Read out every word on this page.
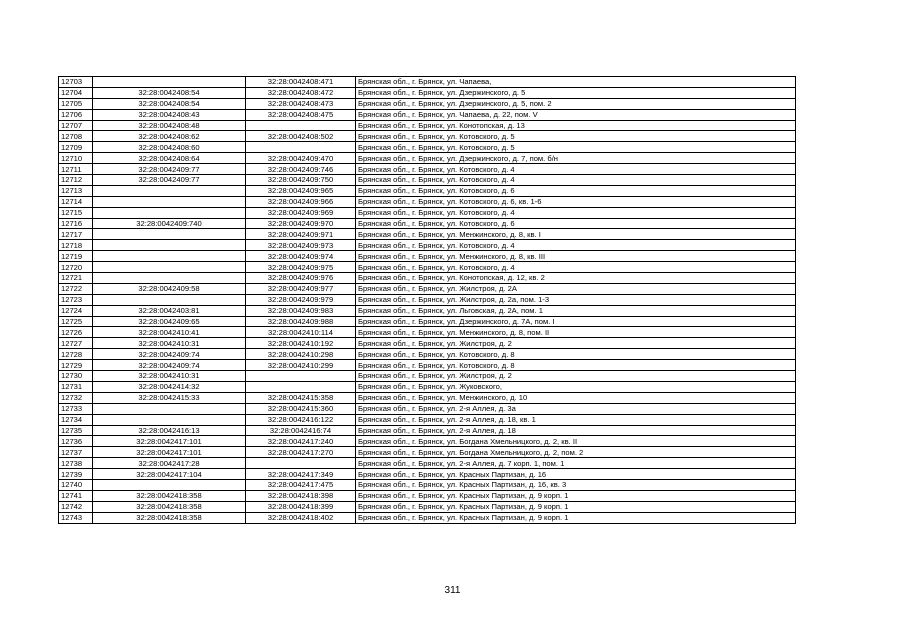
12703		32:28:0042408:471	Брянская обл., г. Брянск, ул. Чапаева,
12704	32:28:0042408:54	32:28:0042408:472	Брянская обл., г. Брянск, ул. Дзержинского, д. 5
12705	32:28:0042408:54	32:28:0042408:473	Брянская обл., г. Брянск, ул. Дзержинского, д. 5, пом. 2
12706	32:28:0042408:43	32:28:0042408:475	Брянская обл., г. Брянск, ул. Чапаева, д. 22, пом. V
12707	32:28:0042408:48		Брянская обл., г. Брянск, ул. Конотопская, д. 13
12708	32:28:0042408:62	32:28:0042408:502	Брянская обл., г. Брянск, ул. Котовского, д. 5
12709	32:28:0042408:60		Брянская обл., г. Брянск, ул. Котовского, д. 5
12710	32:28:0042408:64	32:28:0042409:470	Брянская обл., г. Брянск, ул. Дзержинского, д. 7, пом. б/н
12711	32:28:0042409:77	32:28:0042409:746	Брянская обл., г. Брянск, ул. Котовского, д. 4
12712	32:28:0042409:77	32:28:0042409:750	Брянская обл., г. Брянск, ул. Котовского, д. 4
12713		32:28:0042409:965	Брянская обл., г. Брянск, ул. Котовского, д. 6
12714		32:28:0042409:966	Брянская обл., г. Брянск, ул. Котовского, д. 6, кв. 1-6
12715		32:28:0042409:969	Брянская обл., г. Брянск, ул. Котовского, д. 4
12716	32:28:0042409:740	32:28:0042409:970	Брянская обл., г. Брянск, ул. Котовского, д. 6
12717		32:28:0042409:971	Брянская обл., г. Брянск, ул. Менжинского, д. 8, кв. I
12718		32:28:0042409:973	Брянская обл., г. Брянск, ул. Котовского, д. 4
12719		32:28:0042409:974	Брянская обл., г. Брянск, ул. Менжинского, д. 8, кв. III
12720		32:28:0042409:975	Брянская обл., г. Брянск, ул. Котовского, д. 4
12721		32:28:0042409:976	Брянская обл., г. Брянск, ул. Конотопская, д. 12, кв. 2
12722	32:28:0042409:58	32:28:0042409:977	Брянская обл., г. Брянск, ул. Жилстроя, д. 2А
12723		32:28:0042409:979	Брянская обл., г. Брянск, ул. Жилстроя, д. 2а, пом. 1-3
12724	32:28:0042403:81	32:28:0042409:983	Брянская обл., г. Брянск, ул. Льговская, д. 2А, пом. 1
12725	32:28:0042409:65	32:28:0042409:988	Брянская обл., г. Брянск, ул. Дзержинского, д. 7А, пом. I
12726	32:28:0042410:41	32:28:0042410:114	Брянская обл., г. Брянск, ул. Менжинского, д. 8, пом. II
12727	32:28:0042410:31	32:28:0042410:192	Брянская обл., г. Брянск, ул. Жилстроя, д. 2
12728	32:28:0042409:74	32:28:0042410:298	Брянская обл., г. Брянск, ул. Котовского, д. 8
12729	32:28:0042409:74	32:28:0042410:299	Брянская обл., г. Брянск, ул. Котовского, д. 8
12730	32:28:0042410:31		Брянская обл., г. Брянск, ул. Жилстроя, д. 2
12731	32:28:0042414:32		Брянская обл., г. Брянск, ул. Жуковского,
12732	32:28:0042415:33	32:28:0042415:358	Брянская обл., г. Брянск, ул. Менжинского, д. 10
12733		32:28:0042415:360	Брянская обл., г. Брянск, ул. 2-я Аллея, д. 3а
12734		32:28:0042416:122	Брянская обл., г. Брянск, ул. 2-я Аллея, д. 18, кв. 1
12735	32:28:0042416:13	32:28:0042416:74	Брянская обл., г. Брянск, ул. 2-я Аллея, д. 18
12736	32:28:0042417:101	32:28:0042417:240	Брянская обл., г. Брянск, ул. Богдана Хмельницкого, д. 2, кв. II
12737	32:28:0042417:101	32:28:0042417:270	Брянская обл., г. Брянск, ул. Богдана Хмельницкого, д. 2, пом. 2
12738	32:28:0042417:28		Брянская обл., г. Брянск, ул. 2-я Аллея, д. 7 корп. 1, пом. 1
12739	32:28:0042417:104	32:28:0042417:349	Брянская обл., г. Брянск, ул. Красных Партизан, д. 16
12740		32:28:0042417:475	Брянская обл., г. Брянск, ул. Красных Партизан, д. 16, кв. 3
12741	32:28:0042418:358	32:28:0042418:398	Брянская обл., г. Брянск, ул. Красных Партизан, д. 9 корп. 1
12742	32:28:0042418:358	32:28:0042418:399	Брянская обл., г. Брянск, ул. Красных Партизан, д. 9 корп. 1
12743	32:28:0042418:358	32:28:0042418:402	Брянская обл., г. Брянск, ул. Красных Партизан, д. 9 корп. 1
311
